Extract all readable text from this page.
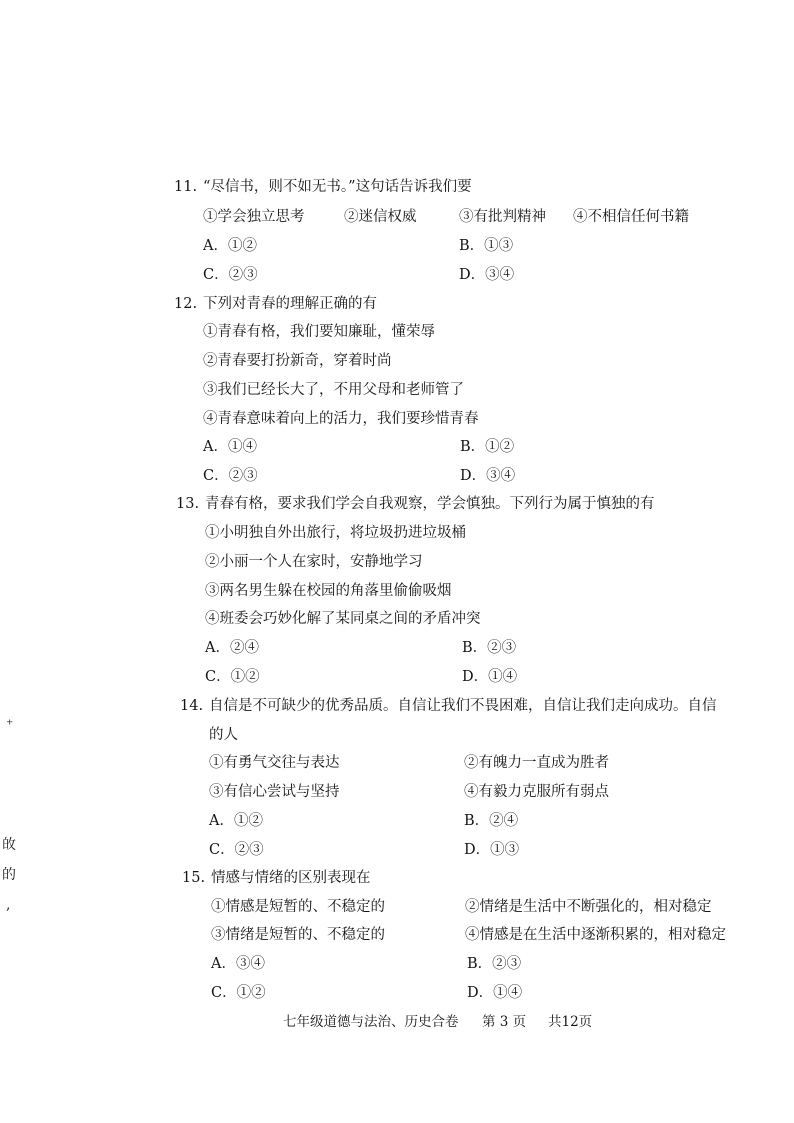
⁺
敀
的
,
11. “尽信书，则不如无书。”这句话告诉我们要
①学会独立思考	②迷信权威	③有批判精神 ④不相信任何书籍
A．①②	B．①③
C．②③	D．③④
12. 下列对青春的理解正确的有
①青春有格，我们要知廉耻，懂荣辱
②青春要打扮新奇，穿着时尚
③我们已经长大了，不用父母和老师管了
④青春意味着向上的活力，我们要珍惜青春
A．①④	B．①②
C．②③	D．③④
13. 青春有格，要求我们学会自我观察，学会慎独。下列行为属于慎独的有
①小明独自外出旅行，将垃圾扔进垃圾桶
②小丽一个人在家时，安静地学习
③两名男生躲在校园的角落里偷偷吸烟
④班委会巧妙化解了某同桌之间的矛盾冲突
A．②④	B．②③
C．①②	D．①④
14. 自信是不可缺少的优秀品质。自信让我们不畏困难，自信让我们走向成功。自信
的人
①有勇气交往与表达	②有魄力一直成为胜者
③有信心尝试与坚持	④有毅力克服所有弱点
A．①②	B．②④
C．②③	D．①③
15. 情感与情绪的区别表现在
①情感是短暂的、不稳定的	②情绪是生活中不断强化的，相对稳定
③情绪是短暂的、不稳定的	④情感是在生活中逐渐积累的，相对稳定
A．③④	B．②③
C．①②	D．①④
七年级道德与法治、历史合卷 第 3 页 共12页
